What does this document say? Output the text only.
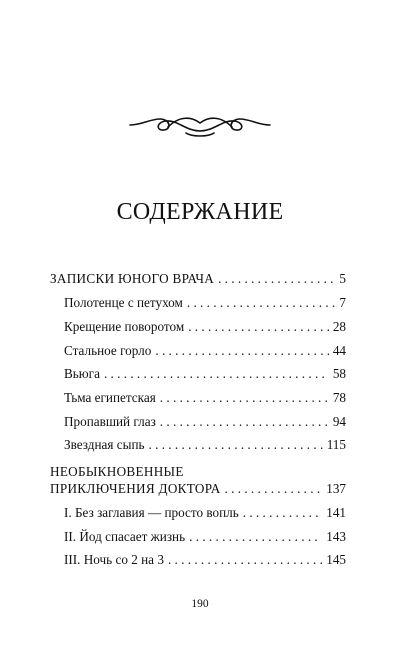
СОДЕРЖАНИЕ
ЗАПИСКИ ЮНОГО ВРАЧА . . .	5
Полотенце с петухом . . .	7
Крещение поворотом . . .	28
Стальное горло . . .	44
Вьюга . . .	58
Тьма египетская . . .	78
Пропавший глаз . . .	94
Звездная сыпь . . .	115
НЕОБЫКНОВЕННЫЕ
ПРИКЛЮЧЕНИЯ ДОКТОРА . . .	137
I. Без заглавия — просто вопль . . .	141
II. Йод спасает жизнь . . .	143
III. Ночь со 2 на 3 . . .	145
190
